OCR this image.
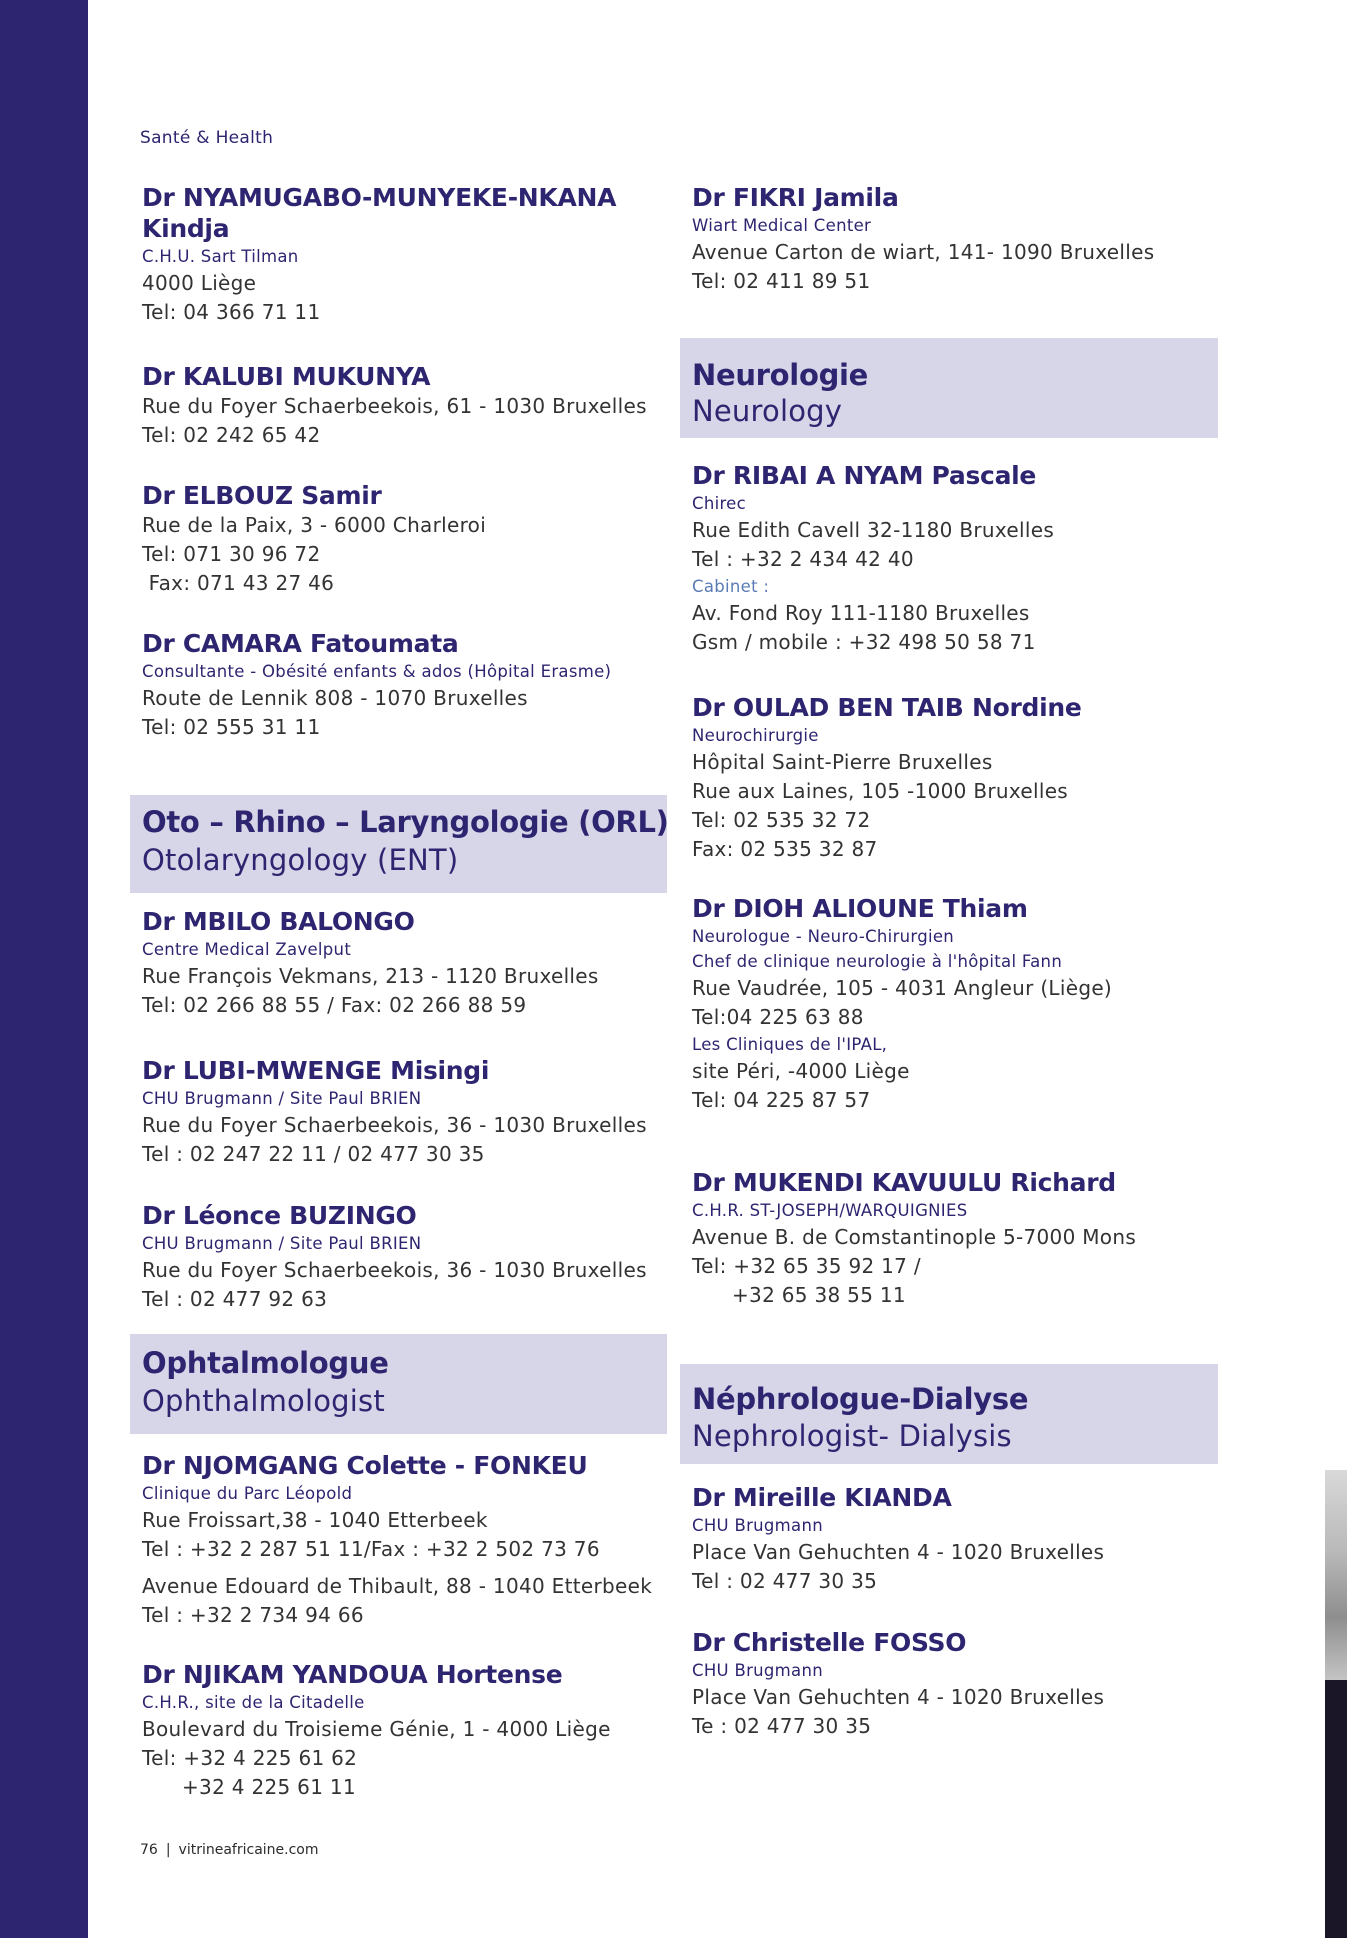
Santé & Health
Dr NYAMUGABO-MUNYEKE-NKANA
Kindja
C.H.U. Sart Tilman
4000 Liège
Tel: 04 366 71 11
Dr KALUBI MUKUNYA
Rue du Foyer Schaerbeekois, 61 - 1030 Bruxelles
Tel: 02 242 65 42
Dr ELBOUZ Samir
Rue de la Paix, 3 - 6000 Charleroi
Tel: 071 30 96 72
Fax: 071 43 27 46
Dr CAMARA Fatoumata
Consultante - Obésité enfants & ados (Hôpital Erasme)
Route de Lennik 808 - 1070 Bruxelles
Tel: 02 555 31 11
Oto – Rhino – Laryngologie (ORL)
Otolaryngology (ENT)
Dr MBILO BALONGO
Centre Medical Zavelput
Rue François Vekmans, 213 - 1120 Bruxelles
Tel: 02 266 88 55 / Fax: 02 266 88 59
Dr LUBI-MWENGE Misingi
CHU Brugmann / Site Paul BRIEN
Rue du Foyer Schaerbeekois, 36 - 1030 Bruxelles
Tel : 02 247 22 11 / 02 477 30 35
Dr Léonce BUZINGO
CHU Brugmann / Site Paul BRIEN
Rue du Foyer Schaerbeekois, 36 - 1030 Bruxelles
Tel : 02 477 92 63
Ophtalmologue
Ophthalmologist
Dr NJOMGANG Colette - FONKEU
Clinique du Parc Léopold
Rue Froissart,38 - 1040 Etterbeek
Tel : +32 2 287 51 11/Fax : +32 2 502 73 76
Avenue Edouard de Thibault, 88 - 1040 Etterbeek
Tel : +32 2 734 94 66
Dr NJIKAM YANDOUA Hortense
C.H.R., site de la Citadelle
Boulevard du Troisieme Génie, 1 - 4000 Liège
Tel: +32 4 225 61 62
+32 4 225 61 11
Dr FIKRI Jamila
Wiart Medical Center
Avenue Carton de wiart, 141- 1090 Bruxelles
Tel: 02 411 89 51
Neurologie
Neurology
Dr RIBAI A NYAM Pascale
Chirec
Rue Edith Cavell 32-1180 Bruxelles
Tel : +32 2 434 42 40
Cabinet :
Av. Fond Roy 111-1180 Bruxelles
Gsm / mobile : +32 498 50 58 71
Dr OULAD BEN TAIB Nordine
Neurochirurgie
Hôpital Saint-Pierre Bruxelles
Rue aux Laines, 105 -1000 Bruxelles
Tel: 02 535 32 72
Fax: 02 535 32 87
Dr DIOH ALIOUNE Thiam
Neurologue - Neuro-Chirurgien
Chef de clinique neurologie à l'hôpital Fann
Rue Vaudrée, 105 - 4031 Angleur (Liège)
Tel:04 225 63 88
Les Cliniques de l'IPAL,
site Péri, -4000 Liège
Tel: 04 225 87 57
Dr MUKENDI KAVUULU Richard
C.H.R. ST-JOSEPH/WARQUIGNIES
Avenue B. de Comstantinople 5-7000 Mons
Tel: +32 65 35 92 17 /
+32 65 38 55 11
Néphrologue-Dialyse
Nephrologist- Dialysis
Dr Mireille KIANDA
CHU Brugmann
Place Van Gehuchten 4 - 1020 Bruxelles
Tel : 02 477 30 35
Dr Christelle FOSSO
CHU Brugmann
Place Van Gehuchten 4 - 1020 Bruxelles
Te : 02 477 30 35
76 | vitrineafricaine.com
